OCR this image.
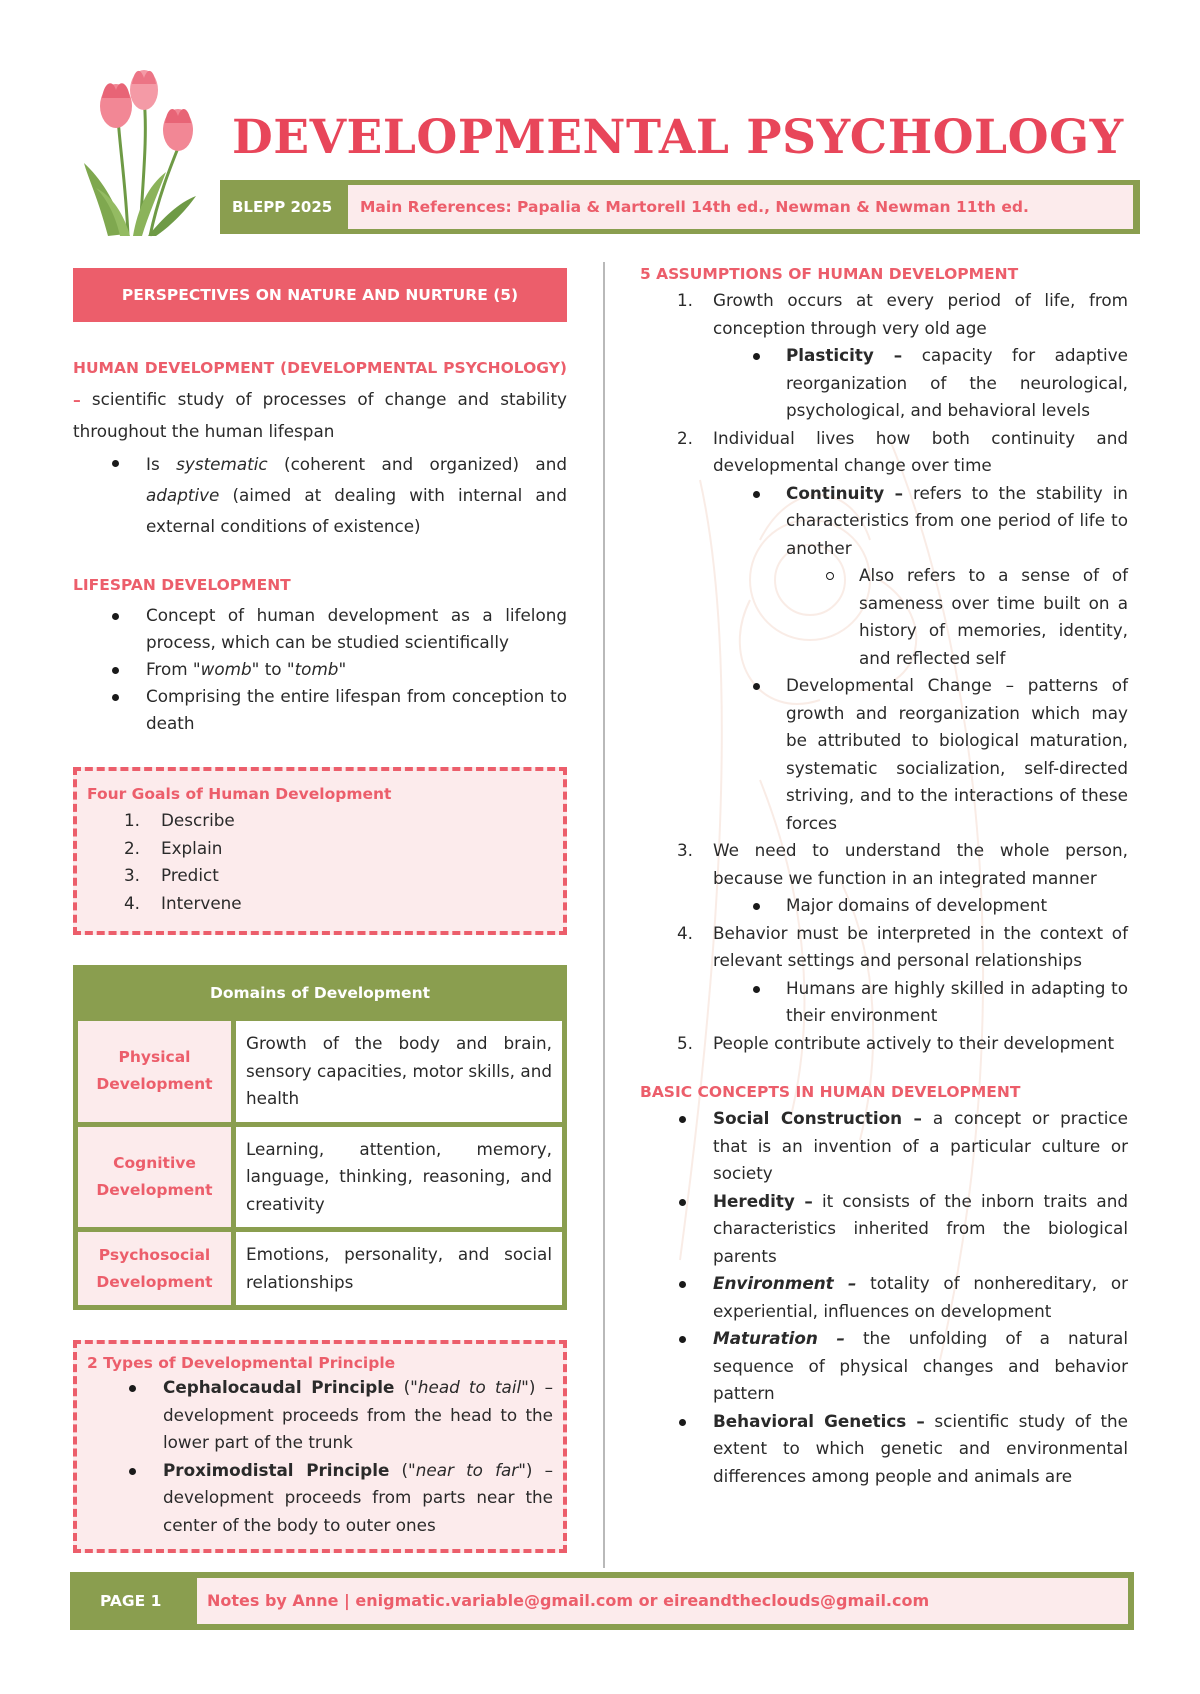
DEVELOPMENTAL PSYCHOLOGY
BLEPP 2025	Main References: Papalia & Martorell 14th ed., Newman & Newman 11th ed.
PERSPECTIVES ON NATURE AND NURTURE (5)
HUMAN DEVELOPMENT (DEVELOPMENTAL PSYCHOLOGY) – scientific study of processes of change and stability throughout the human lifespan
Is systematic (coherent and organized) and adaptive (aimed at dealing with internal and external conditions of existence)
LIFESPAN DEVELOPMENT
Concept of human development as a lifelong process, which can be studied scientifically
From "womb" to "tomb"
Comprising the entire lifespan from conception to death
Four Goals of Human Development
1. Describe
2. Explain
3. Predict
4. Intervene
Domains of Development
Physical Development
Growth of the body and brain, sensory capacities, motor skills, and health
Cognitive Development
Learning, attention, memory, language, thinking, reasoning, and creativity
Psychosocial Development
Emotions, personality, and social relationships
2 Types of Developmental Principle
Cephalocaudal Principle ("head to tail") – development proceeds from the head to the lower part of the trunk
Proximodistal Principle ("near to far") – development proceeds from parts near the center of the body to outer ones
5 ASSUMPTIONS OF HUMAN DEVELOPMENT
1. Growth occurs at every period of life, from conception through very old age
Plasticity – capacity for adaptive reorganization of the neurological, psychological, and behavioral levels
2. Individual lives how both continuity and developmental change over time
Continuity – refers to the stability in characteristics from one period of life to another
Also refers to a sense of of sameness over time built on a history of memories, identity, and reflected self
Developmental Change – patterns of growth and reorganization which may be attributed to biological maturation, systematic socialization, self-directed striving, and to the interactions of these forces
3. We need to understand the whole person, because we function in an integrated manner
Major domains of development
4. Behavior must be interpreted in the context of relevant settings and personal relationships
Humans are highly skilled in adapting to their environment
5. People contribute actively to their development
BASIC CONCEPTS IN HUMAN DEVELOPMENT
Social Construction – a concept or practice that is an invention of a particular culture or society
Heredity – it consists of the inborn traits and characteristics inherited from the biological parents
Environment – totality of nonhereditary, or experiential, influences on development
Maturation – the unfolding of a natural sequence of physical changes and behavior pattern
Behavioral Genetics – scientific study of the extent to which genetic and environmental differences among people and animals are
PAGE 1	Notes by Anne | enigmatic.variable@gmail.com or eireandtheclouds@gmail.com
